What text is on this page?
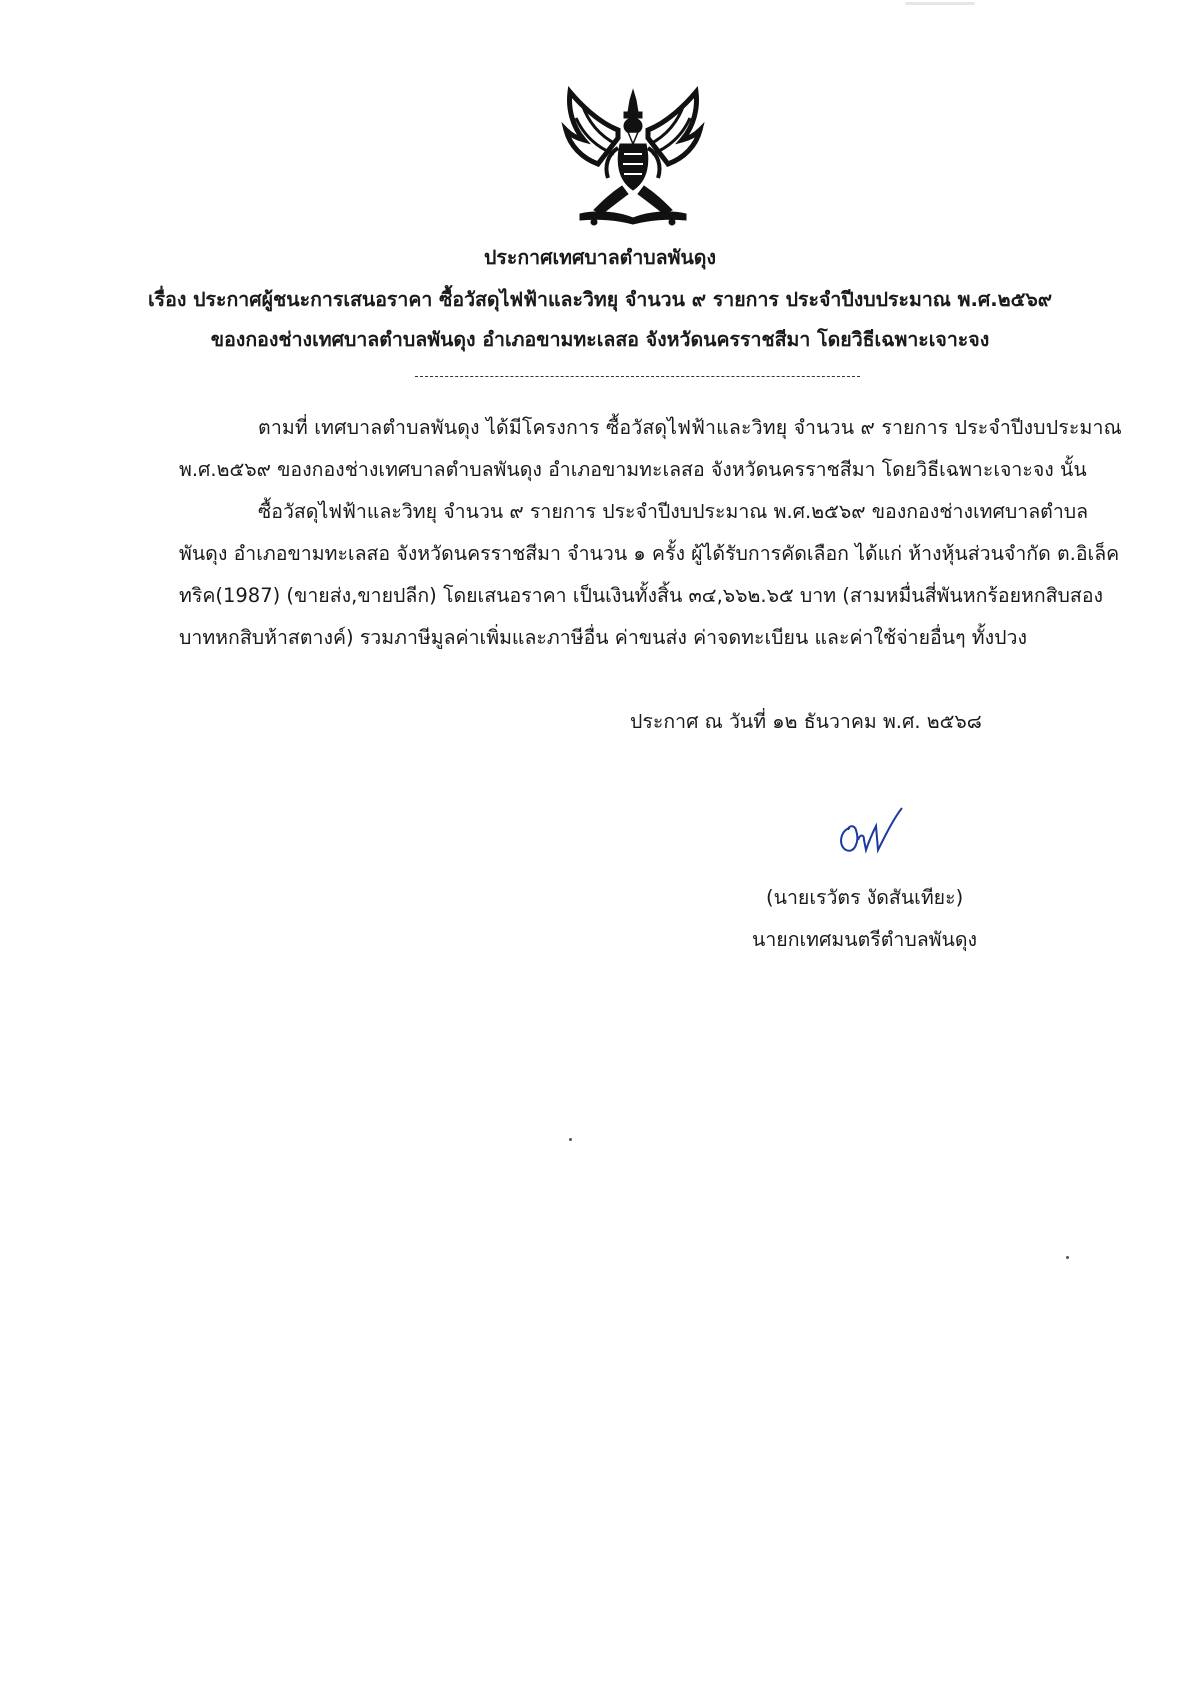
ประกาศเทศบาลตำบลพันดุง
เรื่อง ประกาศผู้ชนะการเสนอราคา ซื้อวัสดุไฟฟ้าและวิทยุ จำนวน ๙ รายการ ประจำปีงบประมาณ พ.ศ.๒๕๖๙
ของกองช่างเทศบาลตำบลพันดุง อำเภอขามทะเลสอ จังหวัดนครราชสีมา โดยวิธีเฉพาะเจาะจง
ตามที่ เทศบาลตำบลพันดุง ได้มีโครงการ ซื้อวัสดุไฟฟ้าและวิทยุ จำนวน ๙ รายการ ประจำปีงบประมาณ
พ.ศ.๒๕๖๙ ของกองช่างเทศบาลตำบลพันดุง อำเภอขามทะเลสอ จังหวัดนครราชสีมา โดยวิธีเฉพาะเจาะจง นั้น
ซื้อวัสดุไฟฟ้าและวิทยุ จำนวน ๙ รายการ ประจำปีงบประมาณ พ.ศ.๒๕๖๙ ของกองช่างเทศบาลตำบล
พันดุง อำเภอขามทะเลสอ จังหวัดนครราชสีมา จำนวน ๑ ครั้ง ผู้ได้รับการคัดเลือก ได้แก่ ห้างหุ้นส่วนจำกัด ต.อิเล็ค
ทริค(1987) (ขายส่ง,ขายปลีก) โดยเสนอราคา เป็นเงินทั้งสิ้น ๓๔,๖๖๒.๖๕ บาท (สามหมื่นสี่พันหกร้อยหกสิบสอง
บาทหกสิบห้าสตางค์) รวมภาษีมูลค่าเพิ่มและภาษีอื่น ค่าขนส่ง ค่าจดทะเบียน และค่าใช้จ่ายอื่นๆ ทั้งปวง
ประกาศ ณ วันที่ ๑๒ ธันวาคม พ.ศ. ๒๕๖๘
(นายเรวัตร งัดสันเทียะ)
นายกเทศมนตรีตำบลพันดุง
